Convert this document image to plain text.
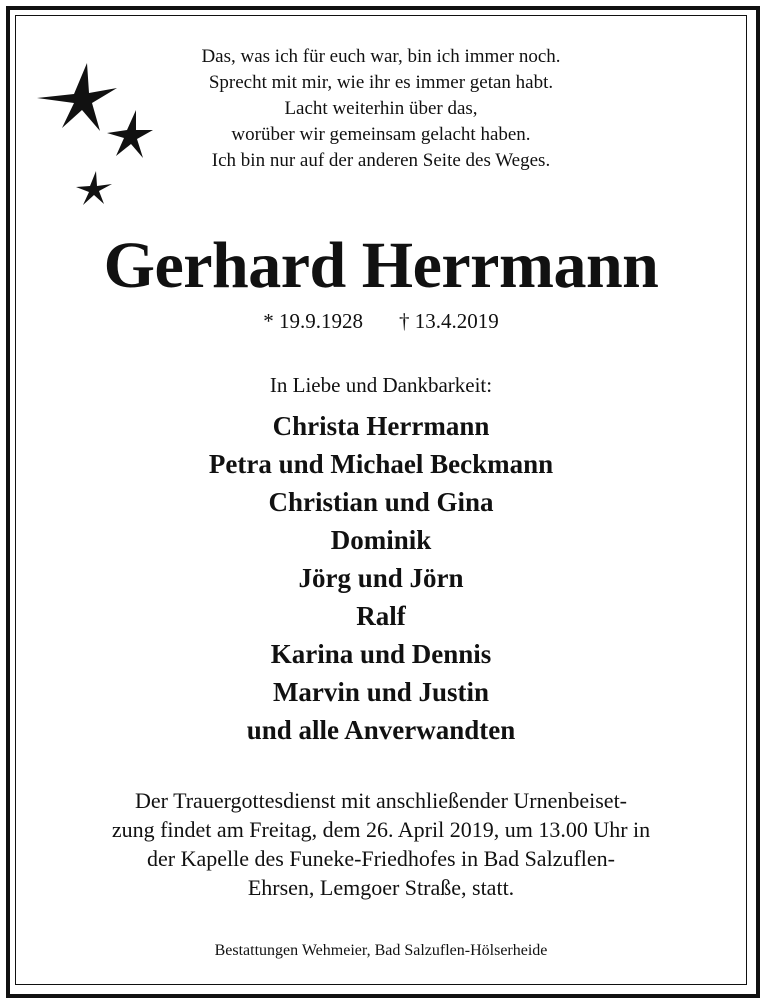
Das, was ich für euch war, bin ich immer noch.
Sprecht mit mir, wie ihr es immer getan habt.
Lacht weiterhin über das,
worüber wir gemeinsam gelacht haben.
Ich bin nur auf der anderen Seite des Weges.
Gerhard Herrmann
* 19.9.1928 † 13.4.2019
In Liebe und Dankbarkeit:
Christa Herrmann
Petra und Michael Beckmann
Christian und Gina
Dominik
Jörg und Jörn
Ralf
Karina und Dennis
Marvin und Justin
und alle Anverwandten
Der Trauergottesdienst mit anschließender Urnenbeiset-
zung findet am Freitag, dem 26. April 2019, um 13.00 Uhr in
der Kapelle des Funeke-Friedhofes in Bad Salzuflen-
Ehrsen, Lemgoer Straße, statt.
Bestattungen Wehmeier, Bad Salzuflen-Hölserheide
